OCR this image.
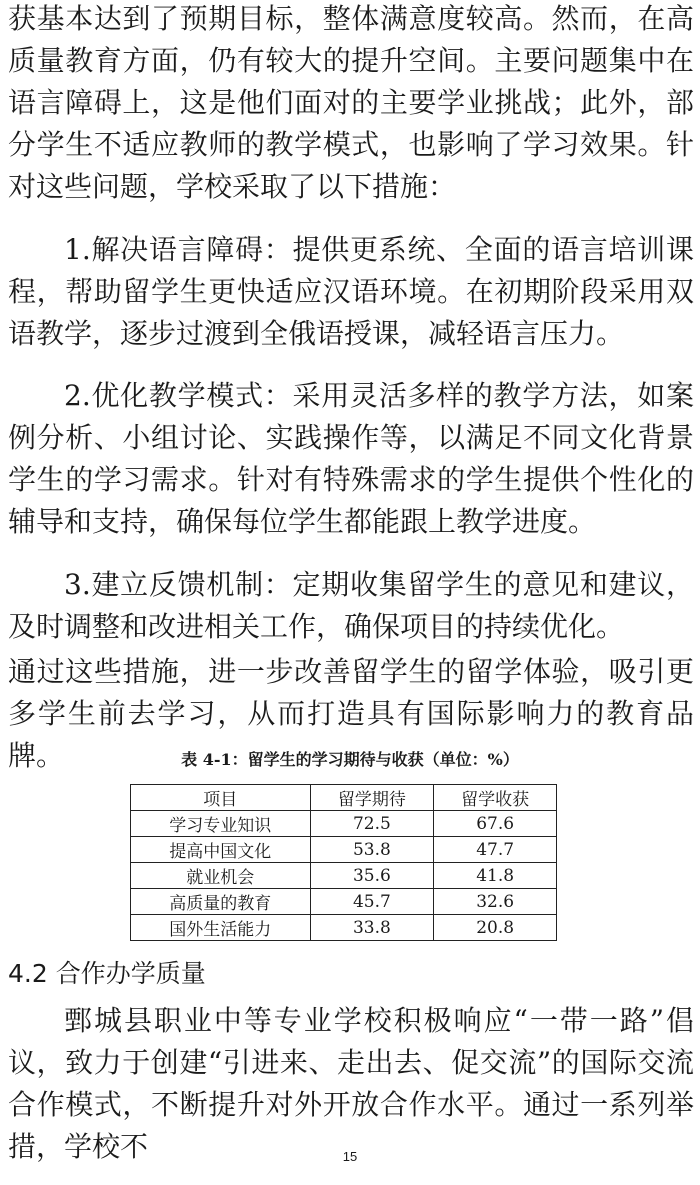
获基本达到了预期目标，整体满意度较高。然而，在高质量教育方面，仍有较大的提升空间。主要问题集中在语言障碍上，这是他们面对的主要学业挑战；此外，部分学生不适应教师的教学模式，也影响了学习效果。针对这些问题，学校采取了以下措施：

1.解决语言障碍：提供更系统、全面的语言培训课程，帮助留学生更快适应汉语环境。在初期阶段采用双语教学，逐步过渡到全俄语授课，减轻语言压力。

2.优化教学模式：采用灵活多样的教学方法，如案例分析、小组讨论、实践操作等，以满足不同文化背景学生的学习需求。针对有特殊需求的学生提供个性化的辅导和支持，确保每位学生都能跟上教学进度。

3.建立反馈机制：定期收集留学生的意见和建议，及时调整和改进相关工作，确保项目的持续优化。

通过这些措施，进一步改善留学生的留学体验，吸引更多学生前去学习，从而打造具有国际影响力的教育品牌。	表 4-1：留学生的学习期待与收获（单位：%）
项目	留学期待	留学收获
学习专业知识	72.5	67.6
提高中国文化	53.8	47.7
就业机会	35.6	41.8
高质量的教育	45.7	32.6
国外生活能力	33.8	20.8
4.2 合作办学质量

鄄城县职业中等专业学校积极响应“一带一路”倡议，致力于创建“引进来、走出去、促交流”的国际交流合作模式，不断提升对外开放合作水平。通过一系列举措，学校不	15
